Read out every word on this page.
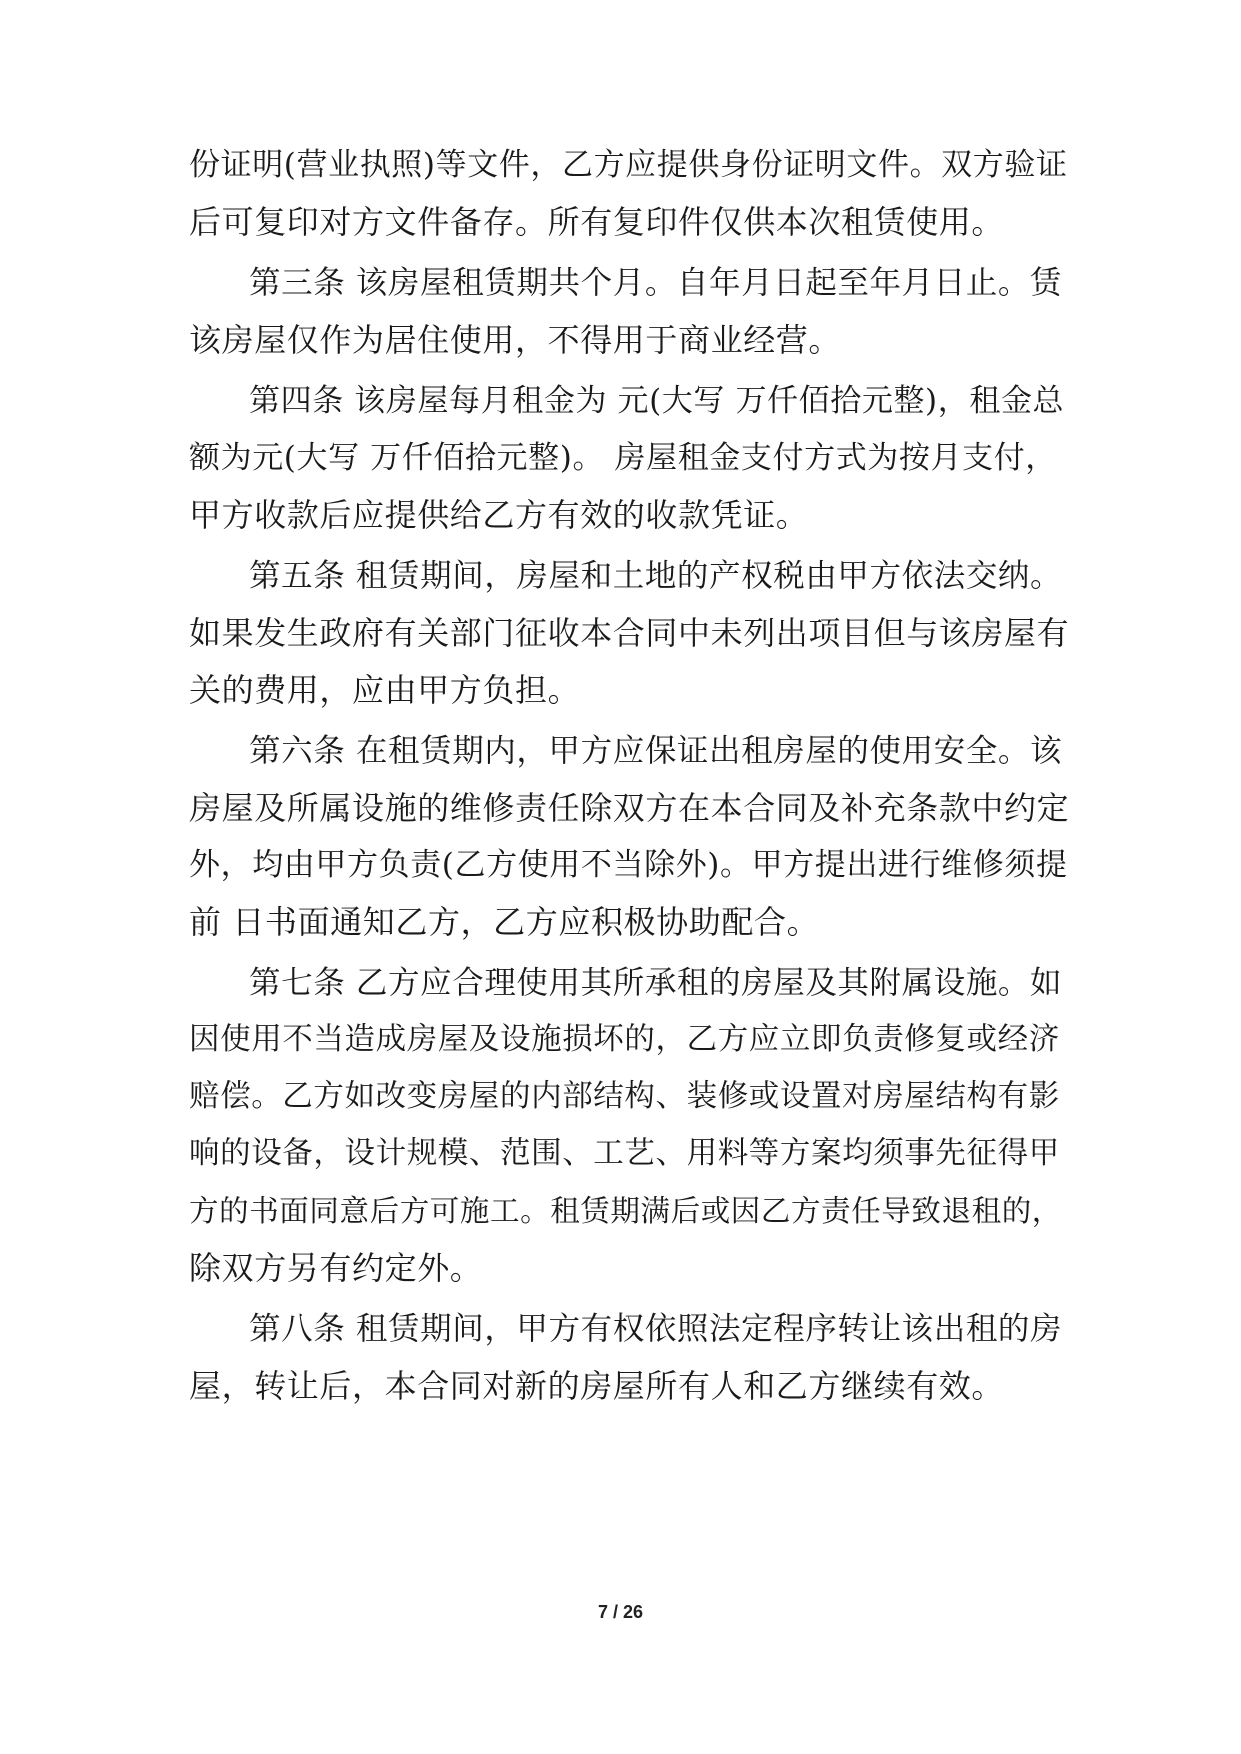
份证明(营业执照)等文件，乙方应提供身份证明文件。双方验证
后可复印对方文件备存。所有复印件仅供本次租赁使用。
第三条 该房屋租赁期共个月。自年月日起至年月日止。赁
该房屋仅作为居住使用，不得用于商业经营。
第四条 该房屋每月租金为 元(大写 万仟佰拾元整)，租金总
额为元(大写 万仟佰拾元整)。 房屋租金支付方式为按月支付，
甲方收款后应提供给乙方有效的收款凭证。
第五条 租赁期间，房屋和土地的产权税由甲方依法交纳。
如果发生政府有关部门征收本合同中未列出项目但与该房屋有
关的费用，应由甲方负担。
第六条 在租赁期内，甲方应保证出租房屋的使用安全。该
房屋及所属设施的维修责任除双方在本合同及补充条款中约定
外，均由甲方负责(乙方使用不当除外)。甲方提出进行维修须提
前 日书面通知乙方，乙方应积极协助配合。
第七条 乙方应合理使用其所承租的房屋及其附属设施。如
因使用不当造成房屋及设施损坏的，乙方应立即负责修复或经济
赔偿。乙方如改变房屋的内部结构、装修或设置对房屋结构有影
响的设备，设计规模、范围、工艺、用料等方案均须事先征得甲
方的书面同意后方可施工。租赁期满后或因乙方责任导致退租的，
除双方另有约定外。
第八条 租赁期间，甲方有权依照法定程序转让该出租的房
屋，转让后，本合同对新的房屋所有人和乙方继续有效。
7 / 26
